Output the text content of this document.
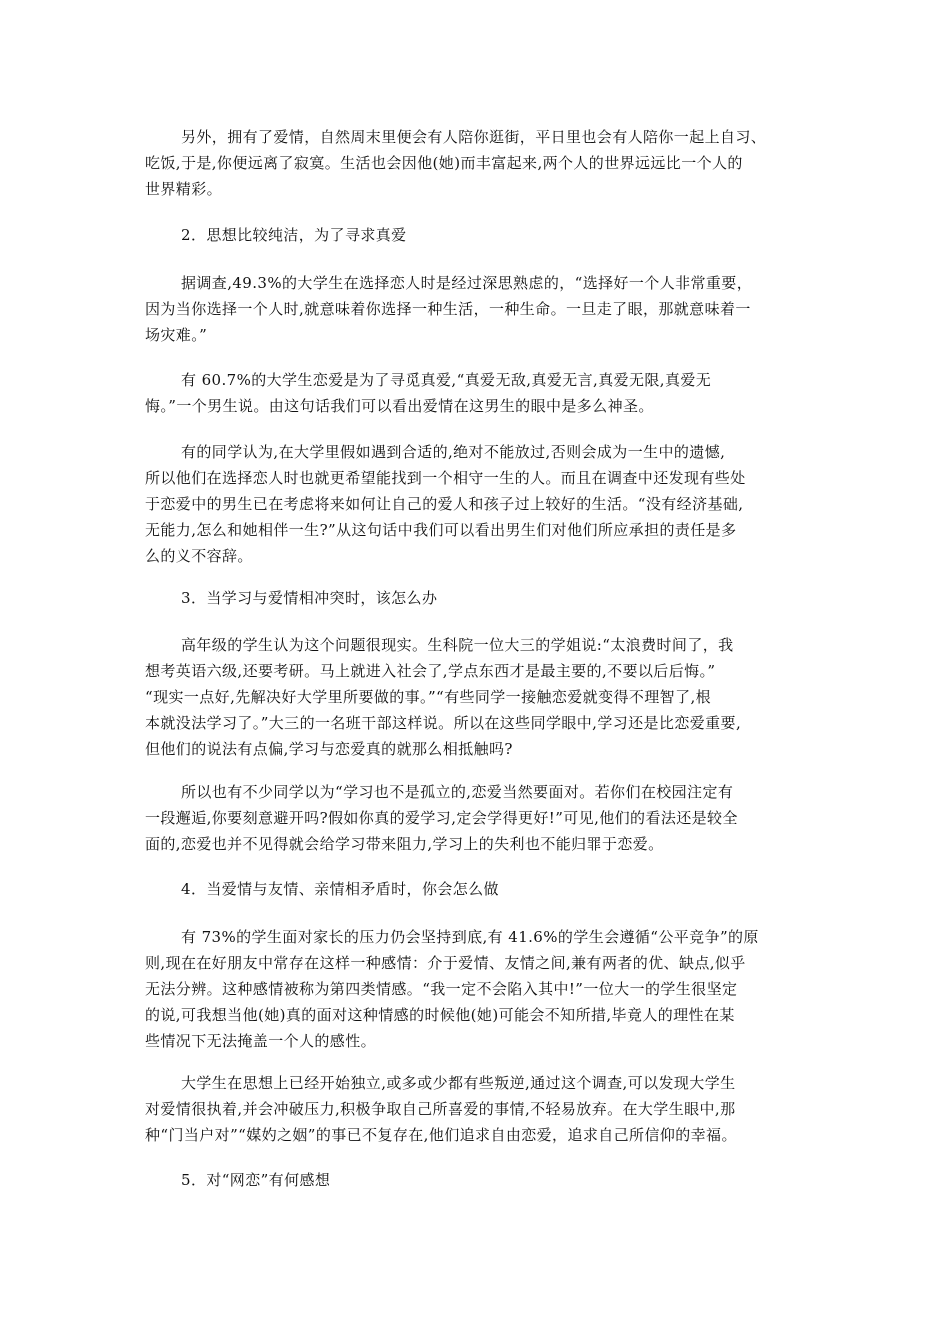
另外，拥有了爱情，自然周末里便会有人陪你逛街，平日里也会有人陪你一起上自习、
吃饭,于是,你便远离了寂寞。生活也会因他(她)而丰富起来,两个人的世界远远比一个人的
世界精彩。
2．思想比较纯洁，为了寻求真爱
据调查,49.3%的大学生在选择恋人时是经过深思熟虑的，“选择好一个人非常重要，
因为当你选择一个人时,就意味着你选择一种生活，一种生命。一旦走了眼，那就意味着一
场灾难。”
有 60.7%的大学生恋爱是为了寻觅真爱,“真爱无敌,真爱无言,真爱无限,真爱无
悔。”一个男生说。由这句话我们可以看出爱情在这男生的眼中是多么神圣。
有的同学认为,在大学里假如遇到合适的,绝对不能放过,否则会成为一生中的遗憾,
所以他们在选择恋人时也就更希望能找到一个相守一生的人。而且在调查中还发现有些处
于恋爱中的男生已在考虑将来如何让自己的爱人和孩子过上较好的生活。“没有经济基础,
无能力,怎么和她相伴一生?”从这句话中我们可以看出男生们对他们所应承担的责任是多
么的义不容辞。
3．当学习与爱情相冲突时，该怎么办
高年级的学生认为这个问题很现实。生科院一位大三的学姐说:“太浪费时间了，我
想考英语六级,还要考研。马上就进入社会了,学点东西才是最主要的,不要以后后悔。”
“现实一点好,先解决好大学里所要做的事。”“有些同学一接触恋爱就变得不理智了,根
本就没法学习了。”大三的一名班干部这样说。所以在这些同学眼中,学习还是比恋爱重要,
但他们的说法有点偏,学习与恋爱真的就那么相抵触吗?
所以也有不少同学以为“学习也不是孤立的,恋爱当然要面对。若你们在校园注定有
一段邂逅,你要刻意避开吗?假如你真的爱学习,定会学得更好!”可见,他们的看法还是较全
面的,恋爱也并不见得就会给学习带来阻力,学习上的失利也不能归罪于恋爱。
4．当爱情与友情、亲情相矛盾时，你会怎么做
有 73%的学生面对家长的压力仍会坚持到底,有 41.6%的学生会遵循“公平竞争”的原
则,现在在好朋友中常存在这样一种感情：介于爱情、友情之间,兼有两者的优、缺点,似乎
无法分辨。这种感情被称为第四类情感。“我一定不会陷入其中!”一位大一的学生很坚定
的说,可我想当他(她)真的面对这种情感的时候他(她)可能会不知所措,毕竟人的理性在某
些情况下无法掩盖一个人的感性。
大学生在思想上已经开始独立,或多或少都有些叛逆,通过这个调查,可以发现大学生
对爱情很执着,并会冲破压力,积极争取自己所喜爱的事情,不轻易放弃。在大学生眼中,那
种“门当户对”“媒妁之姻”的事已不复存在,他们追求自由恋爱，追求自己所信仰的幸福。
5．对“网恋”有何感想
